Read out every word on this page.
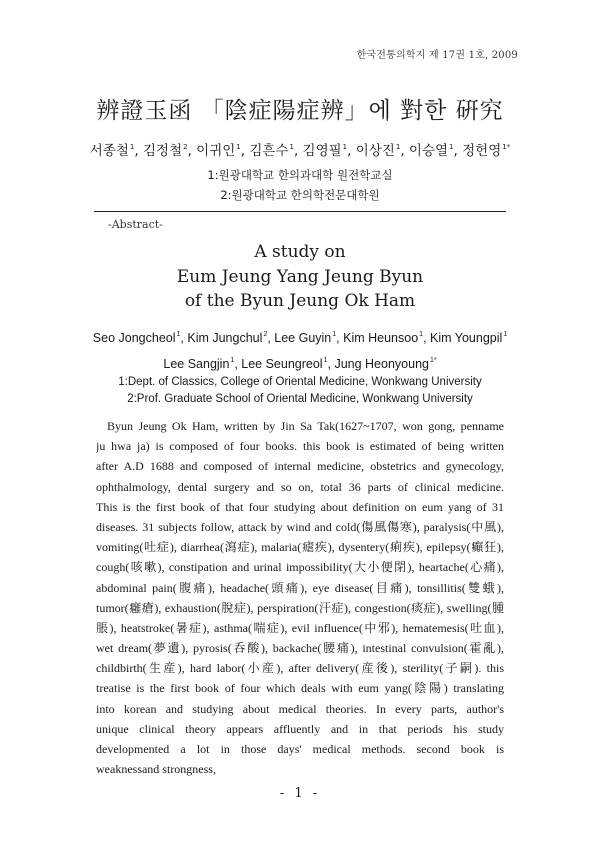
한국전통의학지 제 17권 1호, 2009
辨證玉函 「陰症陽症辨」에 對한 硏究
서종철$^1$, 김정철$^2$, 이귀인$^1$, 김흔수$^1$, 김영필$^1$, 이상진$^1$, 이승열$^1$, 정헌영$^{1*}$
1:원광대학교 한의과대학 원전학교실
2:원광대학교 한의학전문대학원
-Abstract-
A study on
Eum Jeung Yang Jeung Byun
of the Byun Jeung Ok Ham
Seo Jongcheol$^1$, Kim Jungchul$^2$, Lee Guyin$^1$, Kim Heunsoo$^1$, Kim Youngpil$^1$
Lee Sangjin$^1$, Lee Seungreol$^1$, Jung Heonyoung$^{1*}$
1:Dept. of Classics, College of Oriental Medicine, Wonkwang University
2:Prof. Graduate School of Oriental Medicine, Wonkwang University
Byun Jeung Ok Ham, written by Jin Sa Tak(1627~1707, won gong, penname
ju hwa ja) is composed of four books. this book is estimated of being written
after A.D 1688 and composed of internal medicine, obstetrics and gynecology,
ophthalmology, dental surgery and so on, total 36 parts of clinical medicine.
This is the first book of that four studying about definition on eum yang of 31
diseases. 31 subjects follow, attack by wind and cold(傷風傷寒), paralysis(中風),
vomiting(吐症), diarrhea(瀉症), malaria(瘧疾), dysentery(痢疾), epilepsy(癲狂),
cough(咳嗽), constipation and urinal impossibility(大小便閉), heartache(心痛),
abdominal pain(腹痛), headache(頭痛), eye disease(目痛), tonsillitis(雙蛾),
tumor(癰瘡), exhaustion(脫症), perspiration(汗症), congestion(痰症), swelling(腫
脹), heatstroke(暑症), asthma(喘症), evil influence(中邪), hematemesis(吐血),
wet dream(夢遺), pyrosis(呑酸), backache(腰痛), intestinal convulsion(霍亂),
childbirth(生産), hard labor(小産), after delivery(産後), sterility(子嗣). this
treatise is the first book of four which deals with eum yang(陰陽) translating
into korean and studying about medical theories. In every parts, author's
unique clinical theory appears affluently and in that periods his study
developmented a lot in those days' medical methods. second book is
weaknessand strongness,
- 1 -
